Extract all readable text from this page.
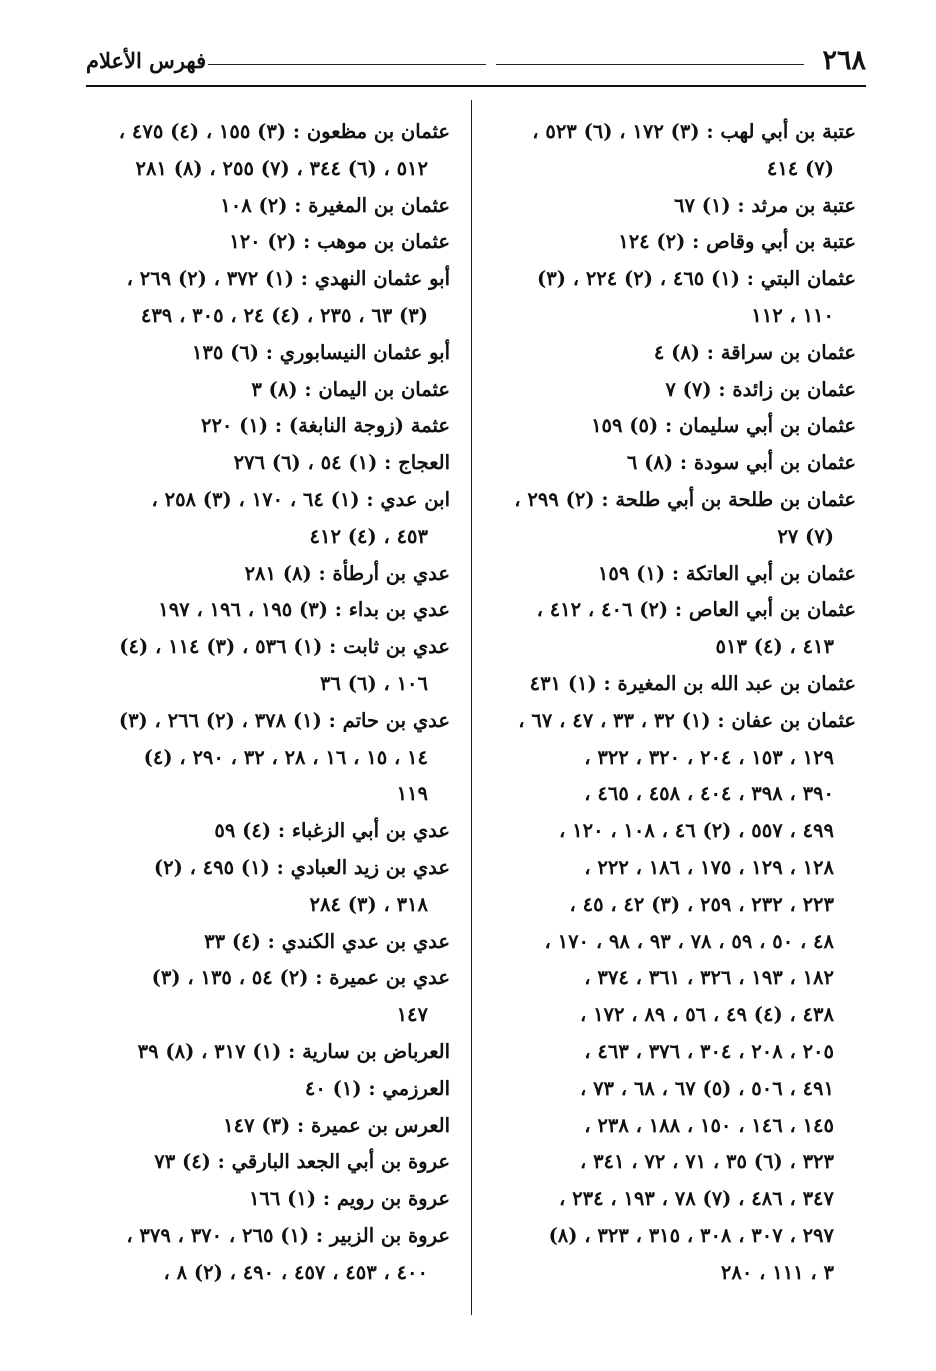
٢٦٨
فهرس الأعلام

عتبة بن أبي لهب : (٣) ١٧٢ ، (٦) ٥٢٣ ،
(٧) ٤١٤

عتبة بن مرثد : (١) ٦٧

عتبة بن أبي وقاص : (٢) ١٢٤

عثمان البتي : (١) ٤٦٥ ، (٢) ٢٢٤ ، (٣)
١١٠ ، ١١٢

عثمان بن سراقة : (٨) ٤

عثمان بن زائدة : (٧) ٧

عثمان بن أبي سليمان : (٥) ١٥٩

عثمان بن أبي سودة : (٨) ٦

عثمان بن طلحة بن أبي طلحة : (٢) ٢٩٩ ،
(٧) ٢٧

عثمان بن أبي العاتكة : (١) ١٥٩

عثمان بن أبي العاص : (٢) ٤٠٦ ، ٤١٢ ،
٤١٣ ، (٤) ٥١٣

عثمان بن عبد الله بن المغيرة : (١) ٤٣١

عثمان بن عفان : (١) ٣٢ ، ٣٣ ، ٤٧ ، ٦٧ ،
١٢٩ ، ١٥٣ ، ٢٠٤ ، ٣٢٠ ، ٣٢٢ ،
٣٩٠ ، ٣٩٨ ، ٤٠٤ ، ٤٥٨ ، ٤٦٥ ،
٤٩٩ ، ٥٥٧ ، (٢) ٤٦ ، ١٠٨ ، ١٢٠ ،
١٢٨ ، ١٢٩ ، ١٧٥ ، ١٨٦ ، ٢٢٢ ،
٢٢٣ ، ٢٣٢ ، ٢٥٩ ، (٣) ٤٢ ، ٤٥ ،
٤٨ ، ٥٠ ، ٥٩ ، ٧٨ ، ٩٣ ، ٩٨ ، ١٧٠ ،
١٨٢ ، ١٩٣ ، ٣٢٦ ، ٣٦١ ، ٣٧٤ ،
٤٣٨ ، (٤) ٤٩ ، ٥٦ ، ٨٩ ، ١٧٢ ،
٢٠٥ ، ٢٠٨ ، ٣٠٤ ، ٣٧٦ ، ٤٦٣ ،
٤٩١ ، ٥٠٦ ، (٥) ٦٧ ، ٦٨ ، ٧٣ ،
١٤٥ ، ١٤٦ ، ١٥٠ ، ١٨٨ ، ٢٣٨ ،
٣٢٣ ، (٦) ٣٥ ، ٧١ ، ٧٢ ، ٣٤١ ،
٣٤٧ ، ٤٨٦ ، (٧) ٧٨ ، ١٩٣ ، ٢٣٤ ،
٢٩٧ ، ٣٠٧ ، ٣٠٨ ، ٣١٥ ، ٣٢٣ ، (٨)
٣ ، ١١١ ، ٢٨٠

عثمان بن مظعون : (٣) ١٥٥ ، (٤) ٤٧٥ ،
٥١٢ ، (٦) ٣٤٤ ، (٧) ٢٥٥ ، (٨) ٢٨١

عثمان بن المغيرة : (٢) ١٠٨

عثمان بن موهب : (٢) ١٢٠

أبو عثمان النهدي : (١) ٣٧٢ ، (٢) ٢٦٩ ،
(٣) ٦٣ ، ٢٣٥ ، (٤) ٢٤ ، ٣٠٥ ، ٤٣٩

أبو عثمان النيسابوري : (٦) ١٣٥

عثمان بن اليمان : (٨) ٣

عثمة (زوجة النابغة) : (١) ٢٢٠

العجاج : (١) ٥٤ ، (٦) ٢٧٦

ابن عدي : (١) ٦٤ ، ١٧٠ ، (٣) ٢٥٨ ،
٤٥٣ ، (٤) ٤١٢

عدي بن أرطأة : (٨) ٢٨١

عدي بن بداء : (٣) ١٩٥ ، ١٩٦ ، ١٩٧

عدي بن ثابت : (١) ٥٣٦ ، (٣) ١١٤ ، (٤)
١٠٦ ، (٦) ٣٦

عدي بن حاتم : (١) ٣٧٨ ، (٢) ٢٦٦ ، (٣)
١٤ ، ١٥ ، ١٦ ، ٢٨ ، ٣٢ ، ٢٩٠ ، (٤)
١١٩

عدي بن أبي الزغباء : (٤) ٥٩

عدي بن زيد العبادي : (١) ٤٩٥ ، (٢)
٣١٨ ، (٣) ٢٨٤

عدي بن عدي الكندي : (٤) ٣٣

عدي بن عميرة : (٢) ٥٤ ، ١٣٥ ، (٣)
١٤٧

العرباض بن سارية : (١) ٣١٧ ، (٨) ٣٩

العرزمي : (١) ٤٠

العرس بن عميرة : (٣) ١٤٧

عروة بن أبي الجعد البارقي : (٤) ٧٣

عروة بن رويم : (١) ١٦٦

عروة بن الزبير : (١) ٢٦٥ ، ٣٧٠ ، ٣٧٩ ،
٤٠٠ ، ٤٥٣ ، ٤٥٧ ، ٤٩٠ ، (٢) ٨ ،
